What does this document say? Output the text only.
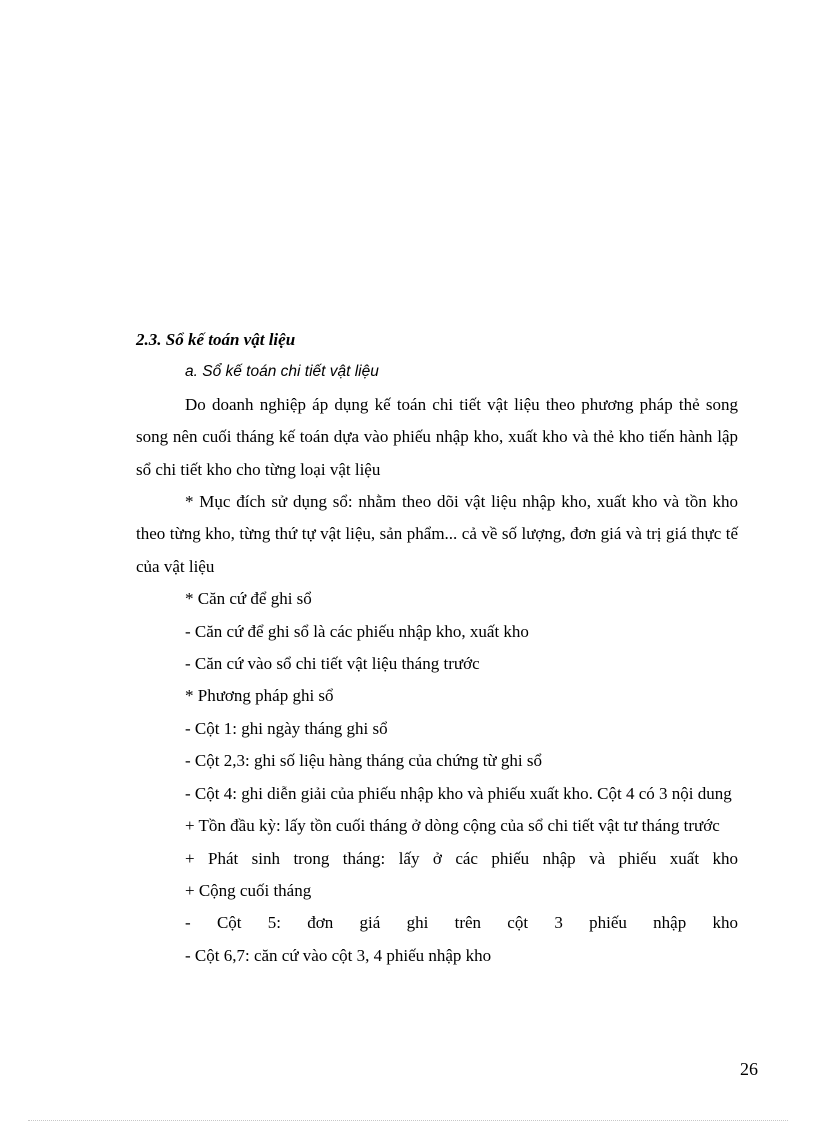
2.3. Sổ kế toán vật liệu

a. Sổ kế toán chi tiết vật liệu

Do doanh nghiệp áp dụng kế toán chi tiết vật liệu theo phương pháp thẻ song song nên cuối tháng kế toán dựa vào phiếu nhập kho, xuất kho và thẻ kho tiến hành lập sổ chi tiết kho cho từng loại vật liệu

* Mục đích sử dụng sổ: nhằm theo dõi vật liệu nhập kho, xuất kho và tồn kho theo từng kho, từng thứ tự vật liệu, sản phẩm... cả về số lượng, đơn giá và trị giá thực tế của vật liệu

* Căn cứ để ghi sổ

- Căn cứ để ghi sổ là các phiếu nhập kho, xuất kho

- Căn cứ vào sổ chi tiết vật liệu tháng trước

* Phương pháp ghi sổ

- Cột 1: ghi ngày tháng ghi sổ

- Cột 2,3: ghi số liệu hàng tháng của chứng từ ghi sổ

- Cột 4: ghi diễn giải của phiếu nhập kho và phiếu xuất kho. Cột 4 có 3 nội dung

+ Tồn đầu kỳ: lấy tồn cuối tháng ở dòng cộng của sổ chi tiết vật tư tháng trước

+ Phát sinh trong tháng: lấy ở các phiếu nhập và phiếu xuất kho

+ Cộng cuối tháng

- Cột 5: đơn giá ghi trên cột 3 phiếu nhập kho

- Cột 6,7: căn cứ vào cột 3, 4 phiếu nhập kho

26
